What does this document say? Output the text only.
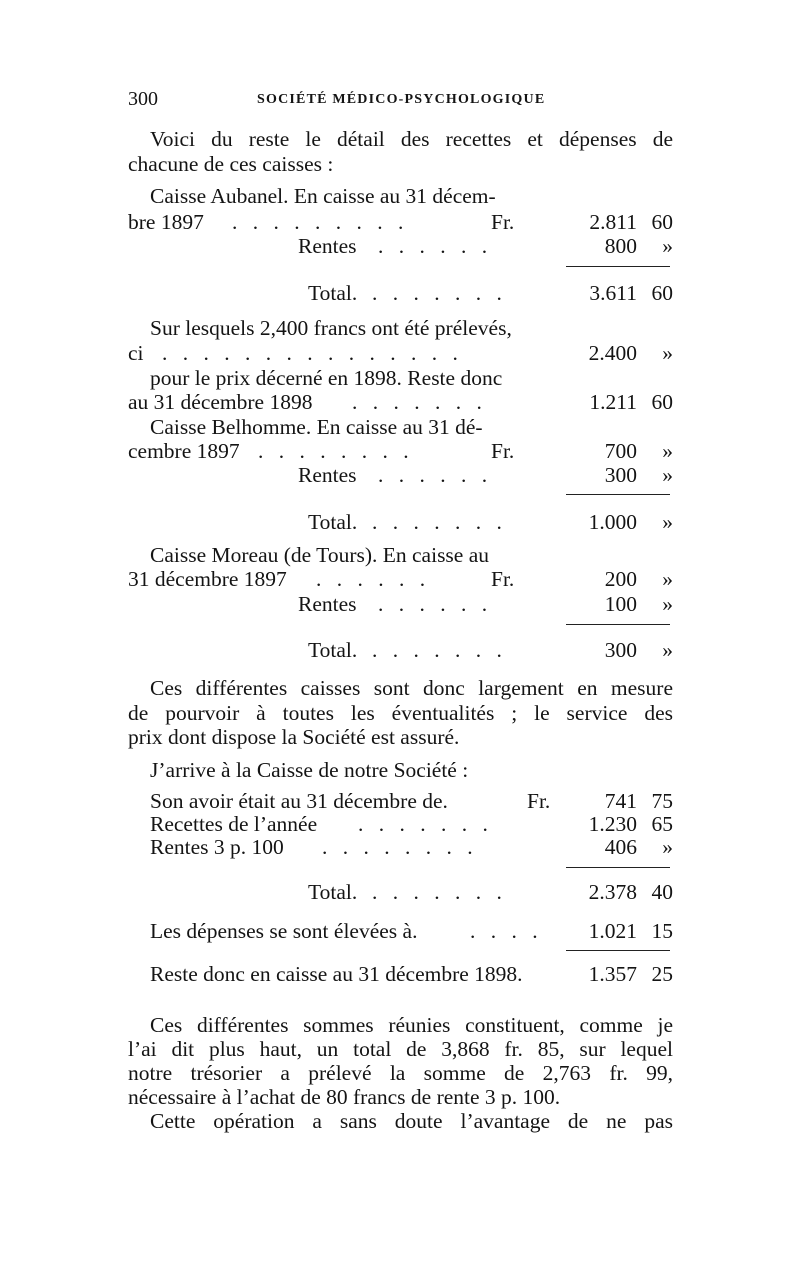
300	SOCIÉTÉ MÉDICO-PSYCHOLOGIQUE
Voici du reste le détail des recettes et dépenses de
chacune de ces caisses :
Caisse Aubanel. En caisse au 31 décem-
bre 1897 . . . . . . . . .	Fr.	2.811 60
Rentes . . . . . .	800 »
Total. . . . . . . .	3.611 60
Sur lesquels 2,400 francs ont été prélevés,
ci . . . . . . . . . . . . . . .	2.400 »
pour le prix décerné en 1898. Reste donc
au 31 décembre 1898 . . . . . . .	1.211 60
Caisse Belhomme. En caisse au 31 dé-
cembre 1897 . . . . . . . .	Fr.	700 »
Rentes . . . . . .	300 »
Total. . . . . . . .	1.000 »
Caisse Moreau (de Tours). En caisse au
31 décembre 1897 . . . . . .	Fr.	200 »
Rentes . . . . . .	100 »
Total. . . . . . . .	300 »
Ces différentes caisses sont donc largement en mesure
de pourvoir à toutes les éventualités ; le service des
prix dont dispose la Société est assuré.
J’arrive à la Caisse de notre Société :
Son avoir était au 31 décembre de.	Fr.	741 75
Recettes de l’année . . . . . . .	1.230 65
Rentes 3 p. 100 . . . . . . . .	406 »
Total. . . . . . . .	2.378 40
Les dépenses se sont élevées à. . . . .	1.021 15
Reste donc en caisse au 31 décembre 1898.	1.357 25
Ces différentes sommes réunies constituent, comme je
l’ai dit plus haut, un total de 3,868 fr. 85, sur lequel
notre trésorier a prélevé la somme de 2,763 fr. 99,
nécessaire à l’achat de 80 francs de rente 3 p. 100.
Cette opération a sans doute l’avantage de ne pas
